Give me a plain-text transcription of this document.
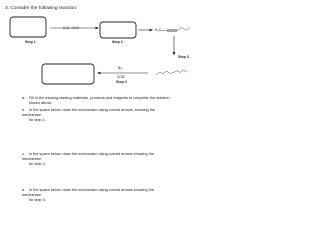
3. Consider the following reaction:
Step 1
H₃C—C≡C⁻
Step 2
H₃C
Step 3
Br₂
DCM
Step 4
a. Fill in the missing starting materials, products and reagents to complete the reaction
shown above.
b. In the space below, draw the mechanism using curved arrows, showing the mechanism
for step 1.
c. In the space below, draw the mechanism using curved arrows showing the mechanism
for step 2.
d. In the space below, draw the mechanism using curved arrows showing the mechanism
for step 4.
